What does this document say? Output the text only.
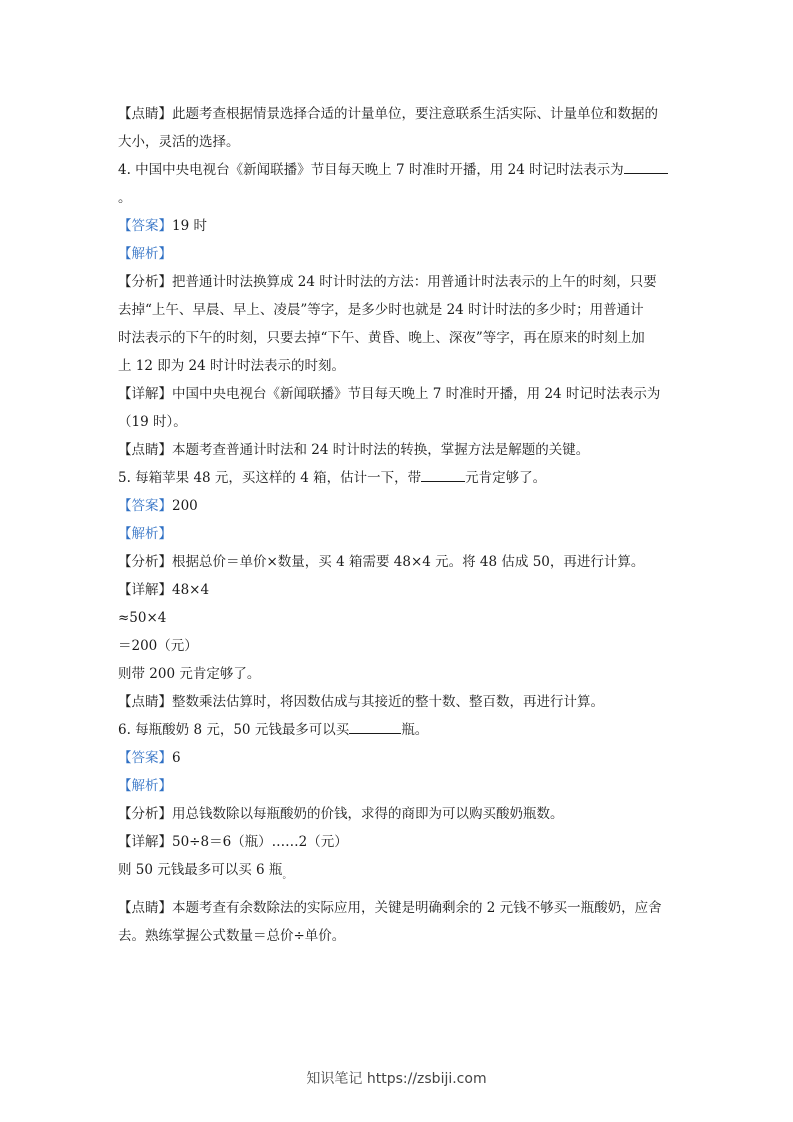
【点睛】此题考查根据情景选择合适的计量单位，要注意联系生活实际、计量单位和数据的

大小，灵活的选择。

4. 中国中央电视台《新闻联播》节目每天晚上 7 时准时开播，用 24 时记时法表示为。

【答案】19 时

【解析】

【分析】把普通计时法换算成 24 时计时法的方法：用普通计时法表示的上午的时刻，只要

去掉“上午、早晨、早上、凌晨”等字，是多少时也就是 24 时计时法的多少时；用普通计

时法表示的下午的时刻，只要去掉“下午、黄昏、晚上、深夜”等字，再在原来的时刻上加

上 12 即为 24 时计时法表示的时刻。

【详解】中国中央电视台《新闻联播》节目每天晚上 7 时准时开播，用 24 时记时法表示为

（19 时）。

【点睛】本题考查普通计时法和 24 时计时法的转换，掌握方法是解题的关键。

5. 每箱苹果 48 元，买这样的 4 箱，估计一下，带	元肯定够了。

【答案】200

【解析】

【分析】根据总价＝单价×数量，买 4 箱需要 48×4 元。将 48 估成 50，再进行计算。

【详解】48×4

≈50×4

＝200（元）

则带 200 元肯定够了。

【点睛】整数乘法估算时，将因数估成与其接近的整十数、整百数，再进行计算。

6. 每瓶酸奶 8 元，50 元钱最多可以买	瓶。

【答案】6

【解析】

【分析】用总钱数除以每瓶酸奶的价钱，求得的商即为可以购买酸奶瓶数。

【详解】50÷8＝6（瓶）……2（元）

则 50 元钱最多可以买 6 瓶$_。$

【点睛】本题考查有余数除法的实际应用，关键是明确剩余的 2 元钱不够买一瓶酸奶，应舍

去。熟练掌握公式数量＝总价÷单价。

知识笔记 https://zsbiji.com
